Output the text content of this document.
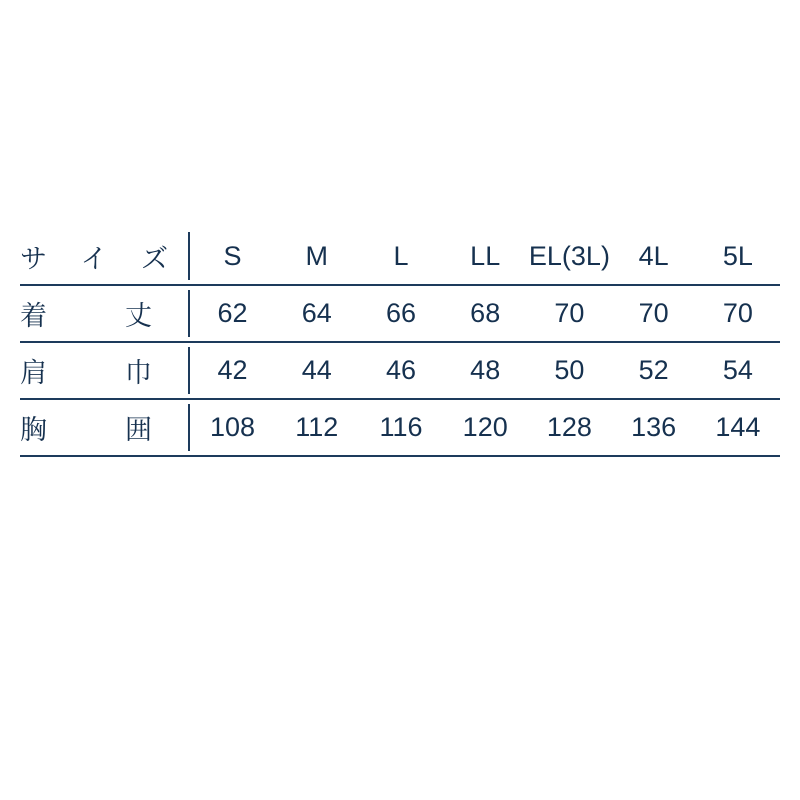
サ イ ズ	S	M	L	LL	EL(3L)	4L	5L

着 丈	62	64	66	68	70	70	70

肩 巾	42	44	46	48	50	52	54

胸 囲	108	112	116	120	128	136	144
